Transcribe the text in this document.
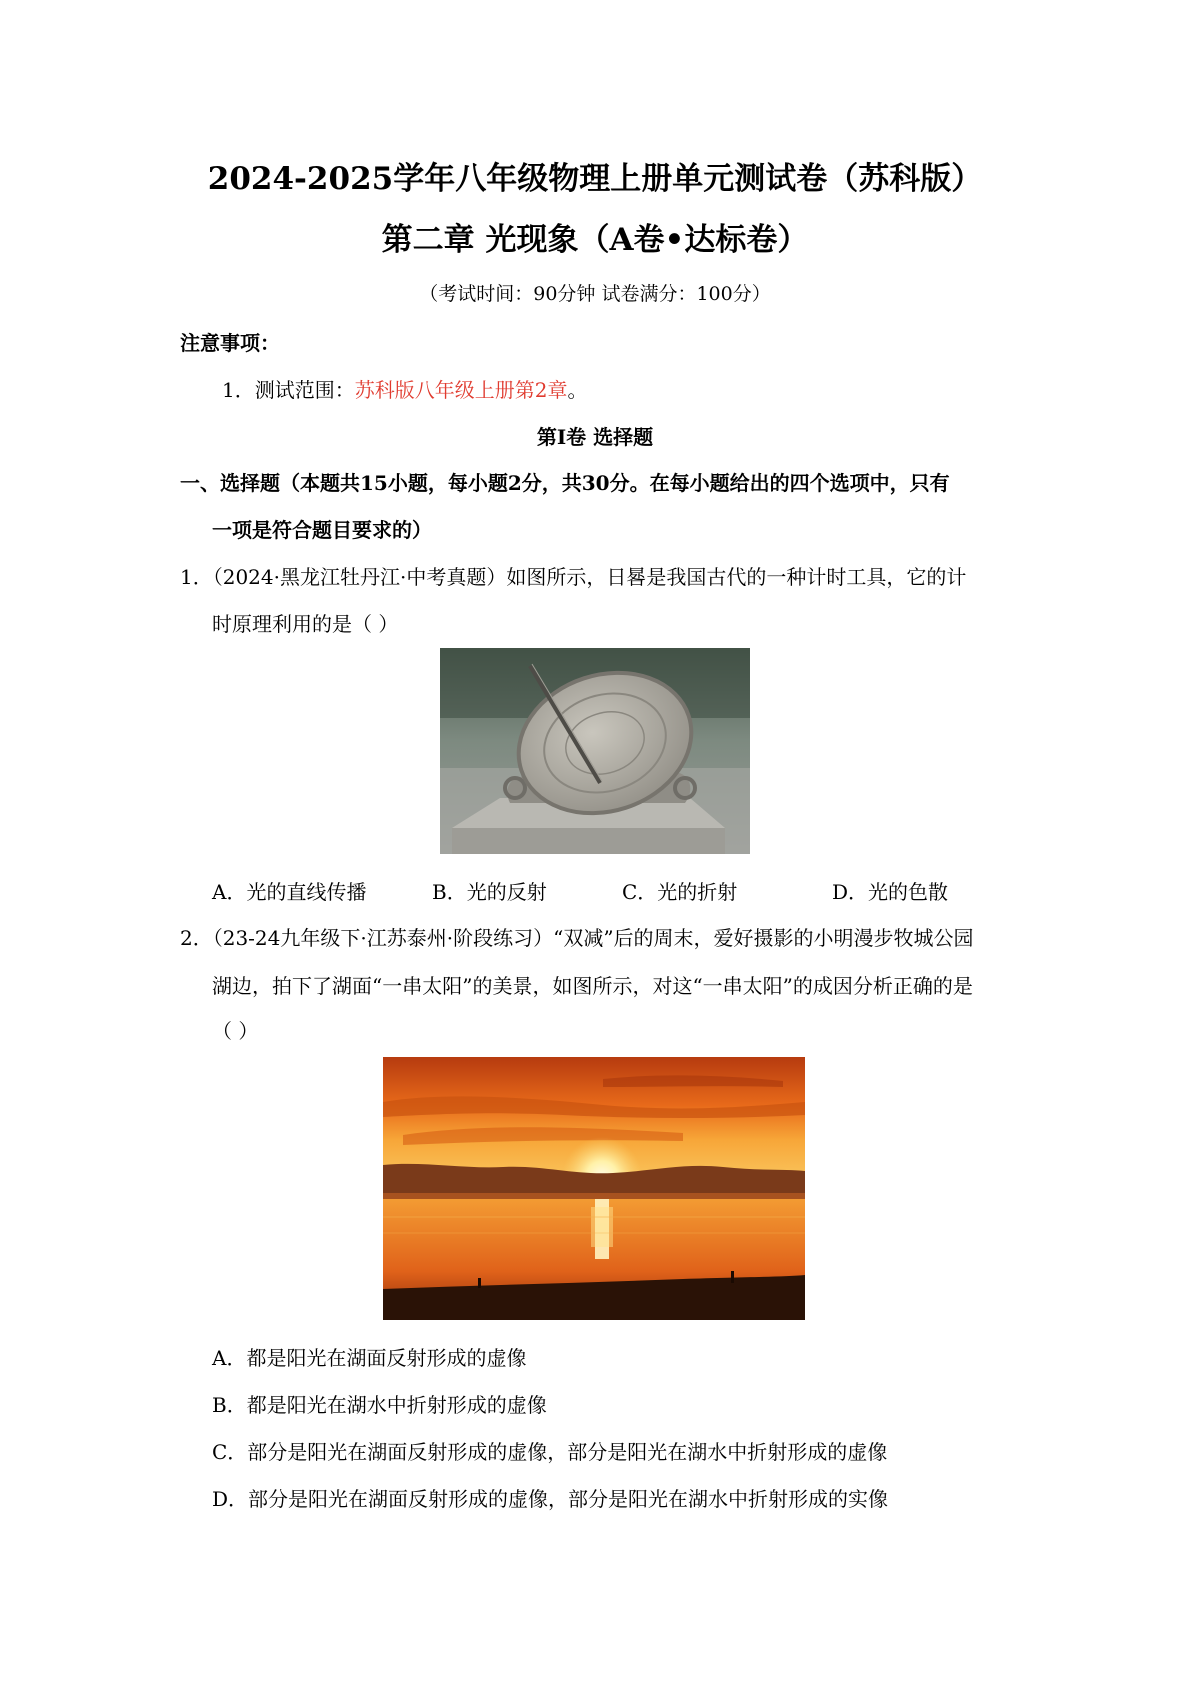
2024-2025学年八年级物理上册单元测试卷（苏科版）
第二章 光现象（A卷•达标卷）
（考试时间：90分钟 试卷满分：100分）
注意事项：
1．测试范围：苏科版八年级上册第2章。
第I卷 选择题
一、选择题（本题共15小题，每小题2分，共30分。在每小题给出的四个选项中，只有
一项是符合题目要求的）
1．（2024·黑龙江牡丹江·中考真题）如图所示，日晷是我国古代的一种计时工具，它的计
时原理利用的是（ ）
A．光的直线传播	B．光的反射	C．光的折射	D．光的色散
2．（23-24九年级下·江苏泰州·阶段练习）“双减”后的周末，爱好摄影的小明漫步牧城公园
湖边，拍下了湖面“一串太阳”的美景，如图所示，对这“一串太阳”的成因分析正确的是
（ ）
A．都是阳光在湖面反射形成的虚像
B．都是阳光在湖水中折射形成的虚像
C．部分是阳光在湖面反射形成的虚像，部分是阳光在湖水中折射形成的虚像
D．部分是阳光在湖面反射形成的虚像，部分是阳光在湖水中折射形成的实像
